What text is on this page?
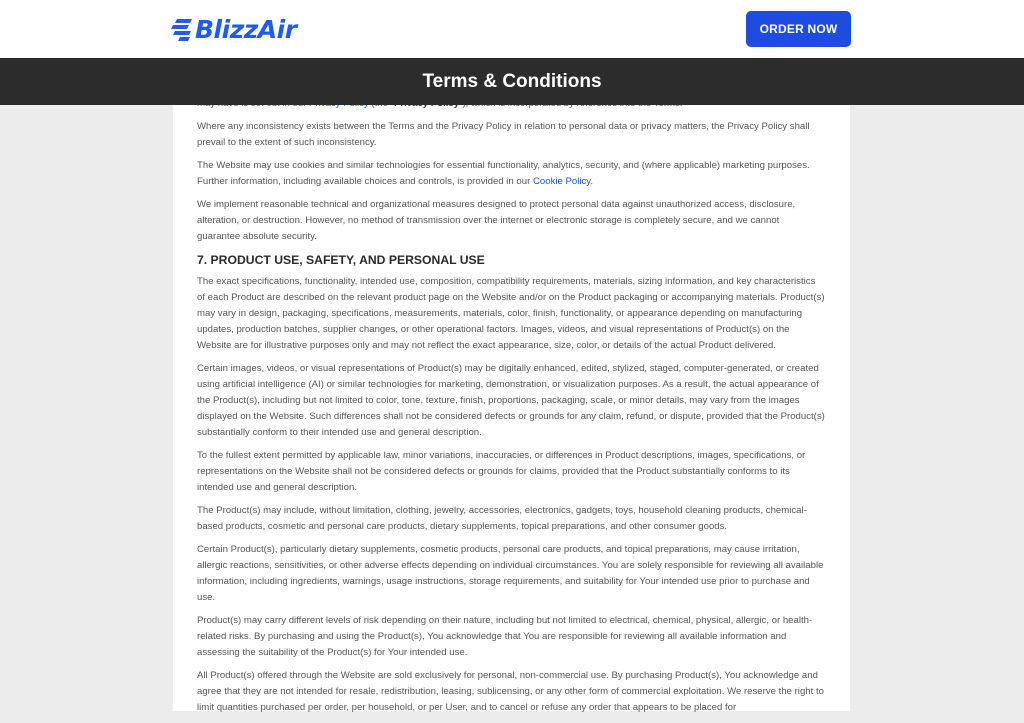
BlizzAir	ORDER NOW
Terms & Conditions

Where any inconsistency exists between the Terms and the Privacy Policy in relation to personal data or privacy matters, the Privacy Policy shall prevail to the extent of such inconsistency.

The Website may use cookies and similar technologies for essential functionality, analytics, security, and (where applicable) marketing purposes. Further information, including available choices and controls, is provided in our Cookie Policy.

We implement reasonable technical and organizational measures designed to protect personal data against unauthorized access, disclosure, alteration, or destruction. However, no method of transmission over the internet or electronic storage is completely secure, and we cannot guarantee absolute security.

7. PRODUCT USE, SAFETY, AND PERSONAL USE

The exact specifications, functionality, intended use, composition, compatibility requirements, materials, sizing information, and key characteristics of each Product are described on the relevant product page on the Website and/or on the Product packaging or accompanying materials. Product(s) may vary in design, packaging, specifications, measurements, materials, color, finish, functionality, or appearance depending on manufacturing updates, production batches, supplier changes, or other operational factors. Images, videos, and visual representations of Product(s) on the Website are for illustrative purposes only and may not reflect the exact appearance, size, color, or details of the actual Product delivered.

Certain images, videos, or visual representations of Product(s) may be digitally enhanced, edited, stylized, staged, computer-generated, or created using artificial intelligence (AI) or similar technologies for marketing, demonstration, or visualization purposes. As a result, the actual appearance of the Product(s), including but not limited to color, tone, texture, finish, proportions, packaging, scale, or minor details, may vary from the images displayed on the Website. Such differences shall not be considered defects or grounds for any claim, refund, or dispute, provided that the Product(s) substantially conform to their intended use and general description.

To the fullest extent permitted by applicable law, minor variations, inaccuracies, or differences in Product descriptions, images, specifications, or representations on the Website shall not be considered defects or grounds for claims, provided that the Product substantially conforms to its intended use and general description.

The Product(s) may include, without limitation, clothing, jewelry, accessories, electronics, gadgets, toys, household cleaning products, chemical-based products, cosmetic and personal care products, dietary supplements, topical preparations, and other consumer goods.

Certain Product(s), particularly dietary supplements, cosmetic products, personal care products, and topical preparations, may cause irritation, allergic reactions, sensitivities, or other adverse effects depending on individual circumstances. You are solely responsible for reviewing all available information, including ingredients, warnings, usage instructions, storage requirements, and suitability for Your intended use prior to purchase and use.

Product(s) may carry different levels of risk depending on their nature, including but not limited to electrical, chemical, physical, allergic, or health-related risks. By purchasing and using the Product(s), You acknowledge that You are responsible for reviewing all available information and assessing the suitability of the Product(s) for Your intended use.

All Product(s) offered through the Website are sold exclusively for personal, non-commercial use. By purchasing Product(s), You acknowledge and agree that they are not intended for resale, redistribution, leasing, sublicensing, or any other form of commercial exploitation. We reserve the right to limit quantities purchased per order, per household, or per User, and to cancel or refuse any order that appears to be placed for
